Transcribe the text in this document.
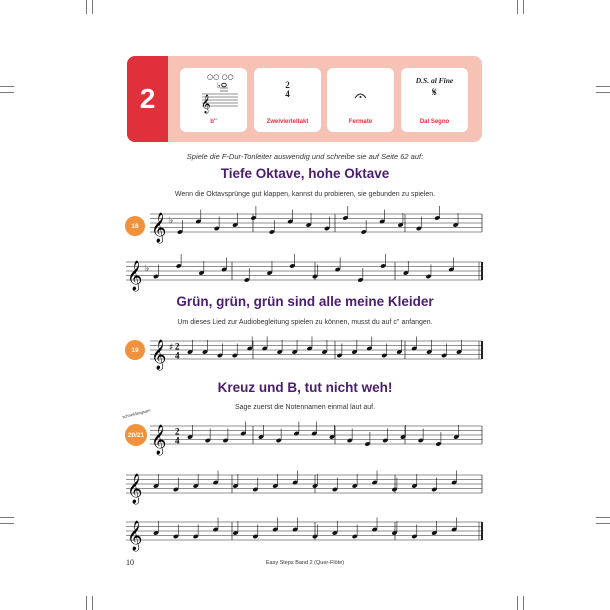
2	𝄞
♭
○○ ○○
b''
2
4
Zweivierteltakt	Fermate
D.S. al Fine
𝄋
Dal Segno
Spiele die F-Dur-Tonleiter auswendig und schreibe sie auf Seite 62 auf:
Tiefe Oktave, hohe Oktave
Wenn die Oktavsprünge gut klappen, kannst du probieren, sie gebunden zu spielen.
18
Grün, grün, grün sind alle meine Kleider
Um dieses Lied zur Audiobegleitung spielen zu können, musst du auf c'' anfangen.
19
Kreuz und B, tut nicht weh!
Sage zuerst die Notennamen einmal laut auf.
schnell/langsam
20/21
𝄞 ♭
𝄞 ♭
𝄞 ♯ 2
4
𝄞 2
4
𝄞
𝄞
10	Easy Steps Band 2 (Quer-Flöte)
